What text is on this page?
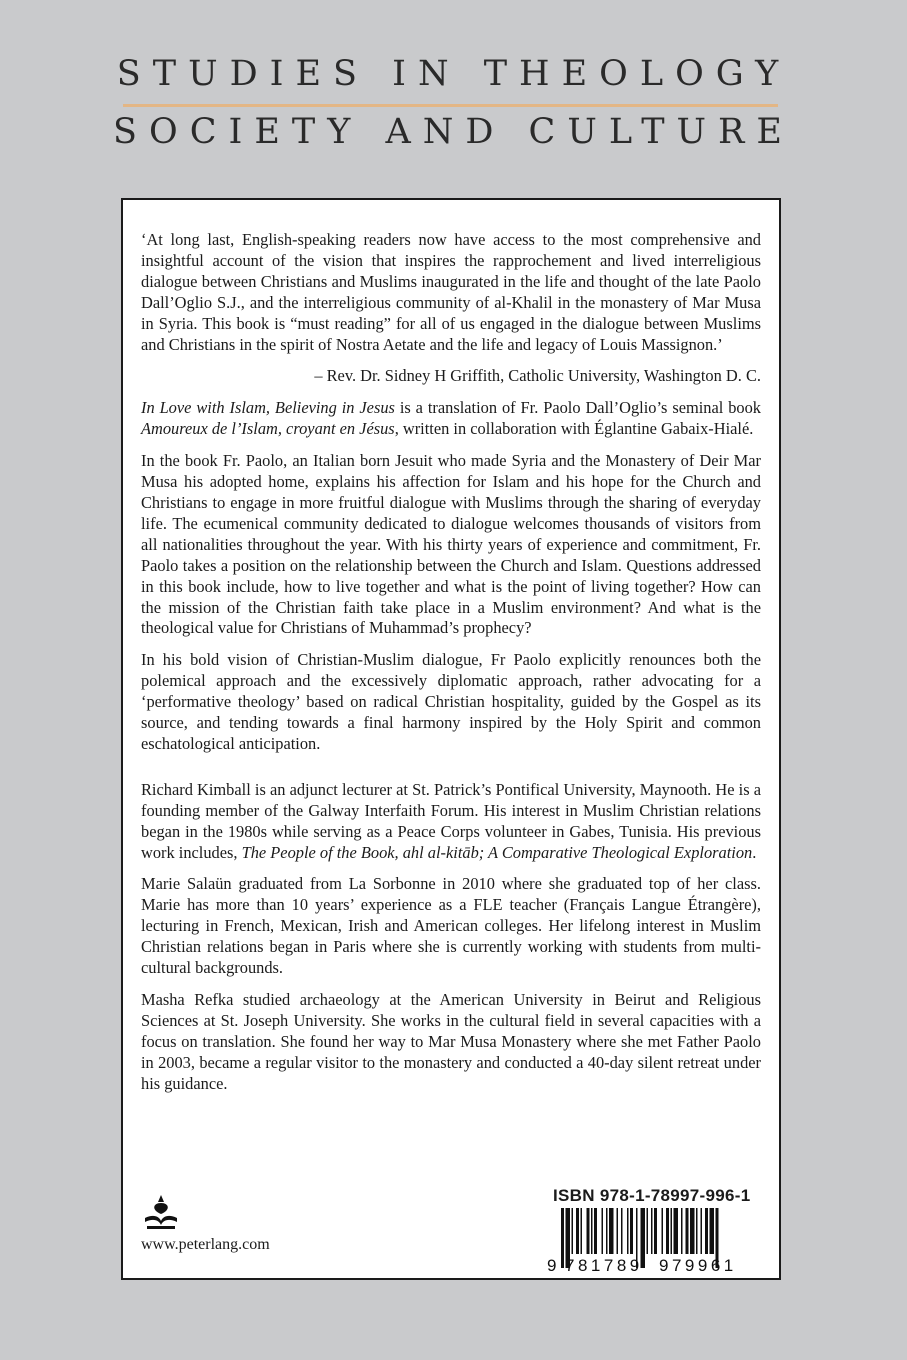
STUDIES IN THEOLOGY
SOCIETY AND CULTURE

‘At long last, English-speaking readers now have access to the most comprehensive and insightful account of the vision that inspires the rapprochement and lived interreligious dialogue between Christians and Muslims inaugurated in the life and thought of the late Paolo Dall’Oglio S.J., and the interreligious community of al-Khalil in the monastery of Mar Musa in Syria. This book is “must reading” for all of us engaged in the dialogue between Muslims and Christians in the spirit of Nostra Aetate and the life and legacy of Louis Massignon.’

– Rev. Dr. Sidney H Griffith, Catholic University, Washington D. C.

In Love with Islam, Believing in Jesus is a translation of Fr. Paolo Dall’Oglio’s seminal book Amoureux de l’Islam, croyant en Jésus, written in collaboration with Églantine Gabaix-Hialé.

In the book Fr. Paolo, an Italian born Jesuit who made Syria and the Monastery of Deir Mar Musa his adopted home, explains his affection for Islam and his hope for the Church and Christians to engage in more fruitful dialogue with Muslims through the sharing of everyday life. The ecumenical community dedicated to dialogue welcomes thousands of visitors from all nationalities throughout the year. With his thirty years of experience and commitment, Fr. Paolo takes a position on the relationship between the Church and Islam. Questions addressed in this book include, how to live together and what is the point of living together? How can the mission of the Christian faith take place in a Muslim environment? And what is the theological value for Christians of Muhammad’s prophecy?

In his bold vision of Christian-Muslim dialogue, Fr Paolo explicitly renounces both the polemical approach and the excessively diplomatic approach, rather advocating for a ‘performative theology’ based on radical Christian hospitality, guided by the Gospel as its source, and tending towards a final harmony inspired by the Holy Spirit and common eschatological anticipation.

Richard Kimball is an adjunct lecturer at St. Patrick’s Pontifical University, Maynooth. He is a founding member of the Galway Interfaith Forum. His interest in Muslim Christian relations began in the 1980s while serving as a Peace Corps volunteer in Gabes, Tunisia. His previous work includes, The People of the Book, ahl al-kitāb; A Comparative Theological Exploration.

Marie Salaün graduated from La Sorbonne in 2010 where she graduated top of her class. Marie has more than 10 years’ experience as a FLE teacher (Français Langue Étrangère), lecturing in French, Mexican, Irish and American colleges. Her lifelong interest in Muslim Christian relations began in Paris where she is currently working with students from multi-cultural backgrounds.

Masha Refka studied archaeology at the American University in Beirut and Religious Sciences at St. Joseph University. She works in the cultural field in several capacities with a focus on translation. She found her way to Mar Musa Monastery where she met Father Paolo in 2003, became a regular visitor to the monastery and conducted a 40-day silent retreat under his guidance.

www.peterlang.com
ISBN 978-1-78997-996-1
9 781789 979961
